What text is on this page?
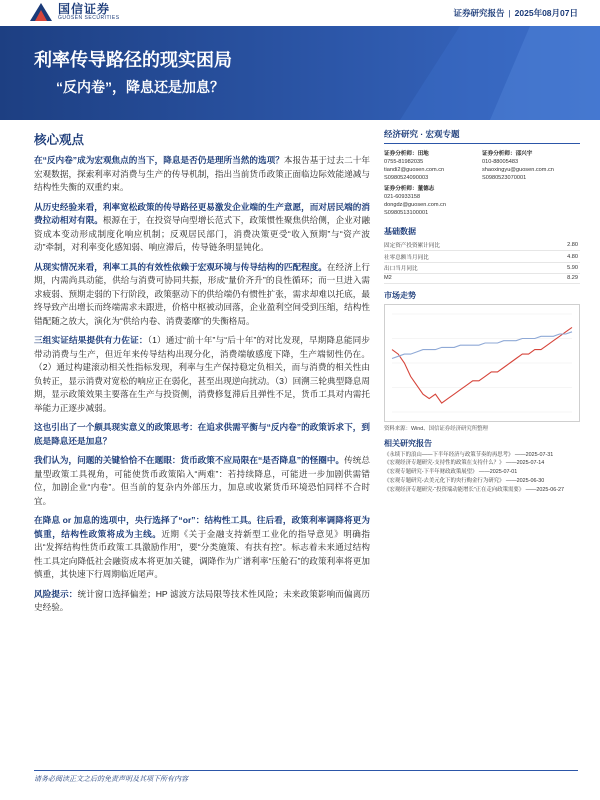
国信证券
GUOSEN SECURITIES	证券研究报告 | 2025年08月07日
利率传导路径的现实困局
“反内卷”，降息还是加息？
核心观点

在“反内卷”成为宏观焦点的当下，降息是否仍是理所当然的选项？本报告基于过去二十年宏观数据，探索利率对消费与生产的传导机制，指出当前货币政策正面临边际效能递减与结构性失衡的双重约束。

从历史经验来看，利率宽松政策的传导路径更易激发企业端的生产意愿，而对居民端的消费拉动相对有限。根源在于，在投资导向型增长范式下，政策惯性聚焦供给侧，企业对融资成本变动形成制度化响应机制；反观居民部门，消费决策更受“收入预期”与“资产波动”牵制，对利率变化感知弱、响应滞后，传导链条明显钝化。

从现实情况来看，利率工具的有效性依赖于宏观环境与传导结构的匹配程度。在经济上行期，内需尚具动能，供给与消费可协同共振，形成“量价齐升”的良性循环；而一旦进入需求疲弱、预期走弱的下行阶段，政策驱动下的供给端仍有惯性扩张，需求却难以托底，最终导致产出增长而终端需求未跟进，价格中枢被动回落，企业盈利空间受到压缩，结构性错配随之放大，演化为“供给内卷、消费萎靡”的失衡格局。

三组实证结果提供有力佐证：（1）通过“前十年”与“后十年”的对比发现，早期降息能同步带动消费与生产，但近年来传导结构出现分化，消费端敏感度下降，生产端韧性仍在。（2）通过构建滚动相关性指标发现，利率与生产保持稳定负相关，而与消费的相关性由负转正，显示消费对宽松的响应正在弱化，甚至出现逆向扰动。（3）回溯三轮典型降息周期，显示政策效果主要落在生产与投资侧，消费修复滞后且弹性不足，货币工具对内需托举能力正逐步减弱。

这也引出了一个颇具现实意义的政策思考：在追求供需平衡与“反内卷”的政策诉求下，到底是降息还是加息？

我们认为，问题的关键恰恰不在题眼：货币政策不应局限在“是否降息”的怪圈中。传统总量型政策工具视角，可能使货币政策陷入“两难”：若持续降息，可能进一步加剧供需错位，加剧企业“内卷”。但当前的复杂内外部压力，加息或收紧货币环境恐怕同样不合时宜。

在降息 or 加息的选项中，央行选择了“or”：结构性工具。往后看，政策利率调降将更为慎重，结构性政策将成为主线。近期《关于金融支持新型工业化的指导意见》明确指出“发挥结构性货币政策工具激励作用”，要“分类施策、有扶有控”。标志着未来通过结构性工具定向降低社会融资成本将更加关键，调降作为广谱利率“压舱石”的政策利率将更加慎重，其快速下行周期临近尾声。

风险提示：统计窗口选择偏差；HP 滤波方法局限等技术性风险；未来政策影响而偏离历史经验。

经济研究 · 宏观专题
证券分析师：田地
0755-81982035
tiandi2@guosen.com.cn
S0980524090003
证券分析师：邵兴宇
010-88005483
shaoxingyu@guosen.com.cn
S0980523070001
证券分析师：董德志
021-60933158
dongdz@guosen.com.cn
S0980513100001
基础数据
固定资产投资累计同比	2.80
社零总额当月同比	4.80
出口当月同比	5.90
M2	8.29
市场走势
资料来源：Wind、国信证券经济研究所整理
相关研究报告
《永续下的浪山——下半年经济与政策节奏的再思考》 ——2025-07-31
《宏观经济专题研究-支持性的政策在支持什么？》 ——2025-07-14
《宏观专题研究-下半年财政政策展望》 ——2025-07-01
《宏观专题研究-去美元化下的央行购金行为研究》 ——2025-06-30
《宏观经济专题研究-“投资端动能增长”正在走向政策需要》 ——2025-06-27
请务必阅读正文之后的免责声明及其项下所有内容
